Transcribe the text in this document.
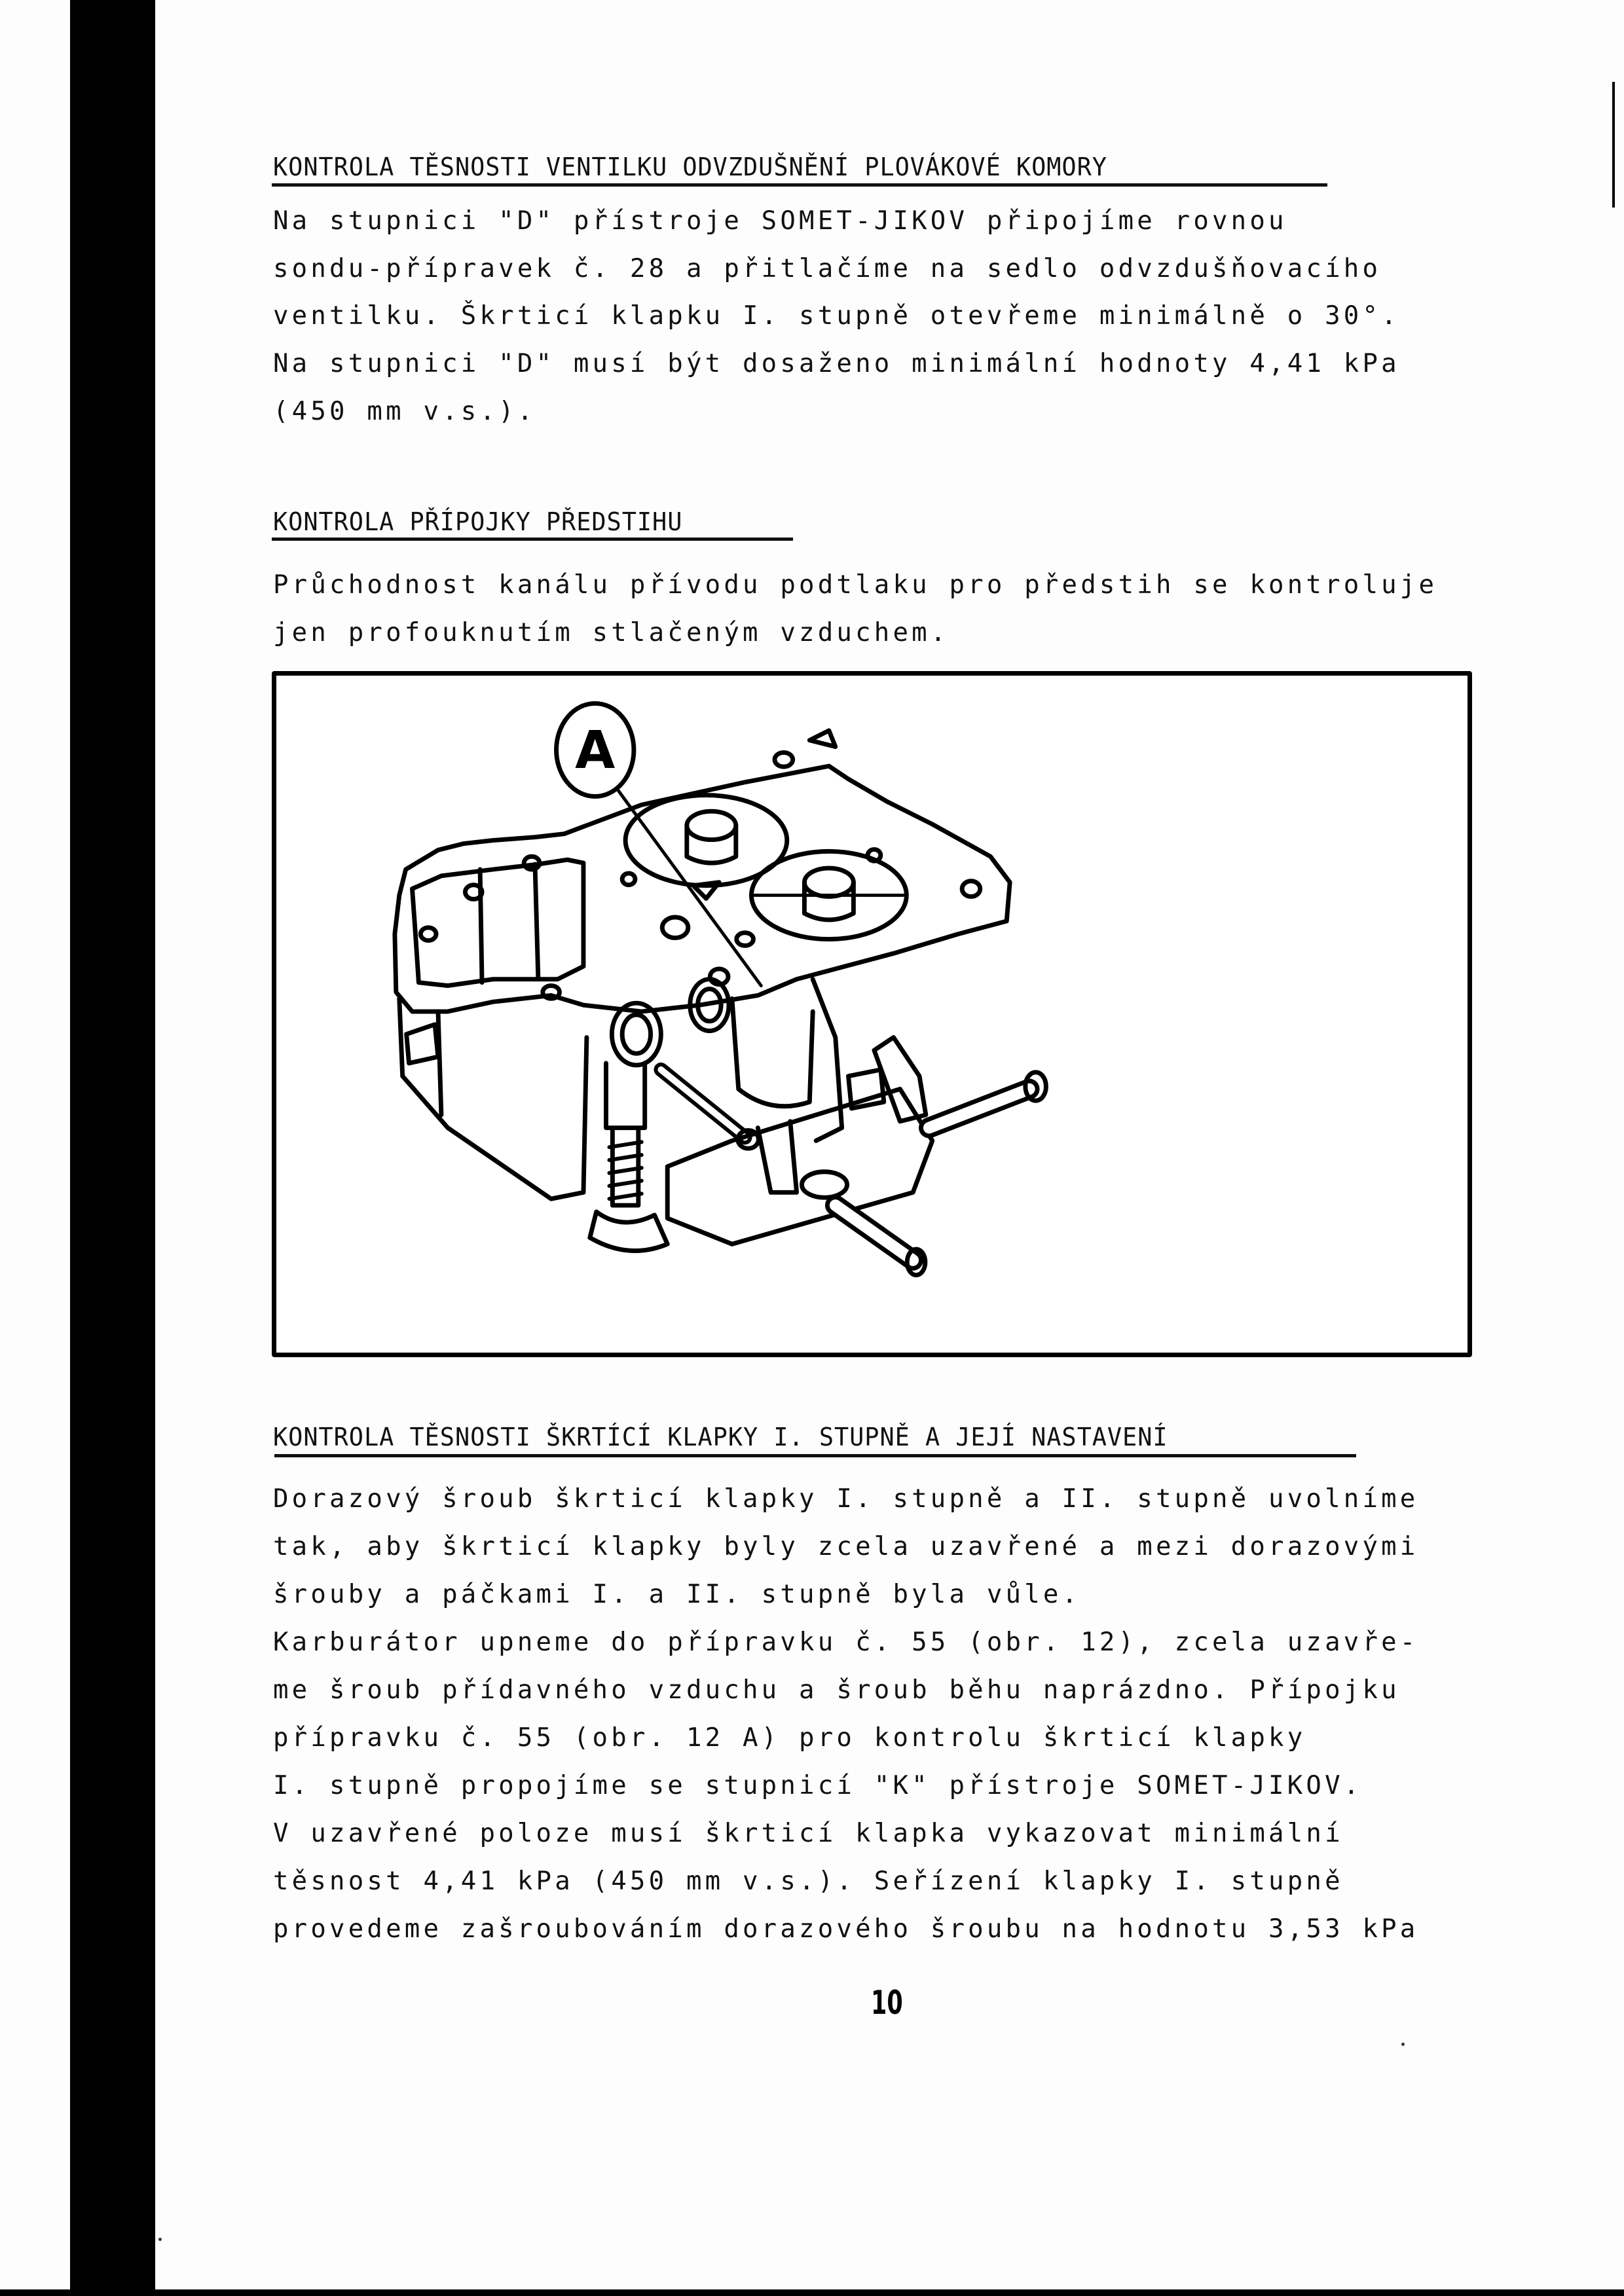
KONTROLA TĚSNOSTI VENTILKU ODVZDUŠNĚNÍ PLOVÁKOVÉ KOMORY
Na stupnici "D" přístroje SOMET-JIKOV připojíme rovnou
sondu-přípravek č. 28 a přitlačíme na sedlo odvzdušňovacího
ventilku. Škrticí klapku I. stupně otevřeme minimálně o 30°.
Na stupnici "D" musí být dosaženo minimální hodnoty 4,41 kPa
(450 mm v.s.).
KONTROLA PŘÍPOJKY PŘEDSTIHU
Průchodnost kanálu přívodu podtlaku pro předstih se kontroluje
jen profouknutím stlačeným vzduchem.
A
KONTROLA TĚSNOSTI ŠKRTÍCÍ KLAPKY I. STUPNĚ A JEJÍ NASTAVENÍ
Dorazový šroub škrticí klapky I. stupně a II. stupně uvolníme
tak, aby škrticí klapky byly zcela uzavřené a mezi dorazovými
šrouby a páčkami I. a II. stupně byla vůle.
Karburátor upneme do přípravku č. 55 (obr. 12), zcela uzavře-
me šroub přídavného vzduchu a šroub běhu naprázdno. Přípojku
přípravku č. 55 (obr. 12 A) pro kontrolu škrticí klapky
I. stupně propojíme se stupnicí "K" přístroje SOMET-JIKOV.
V uzavřené poloze musí škrticí klapka vykazovat minimální
těsnost 4,41 kPa (450 mm v.s.). Seřízení klapky I. stupně
provedeme zašroubováním dorazového šroubu na hodnotu 3,53 kPa
10
